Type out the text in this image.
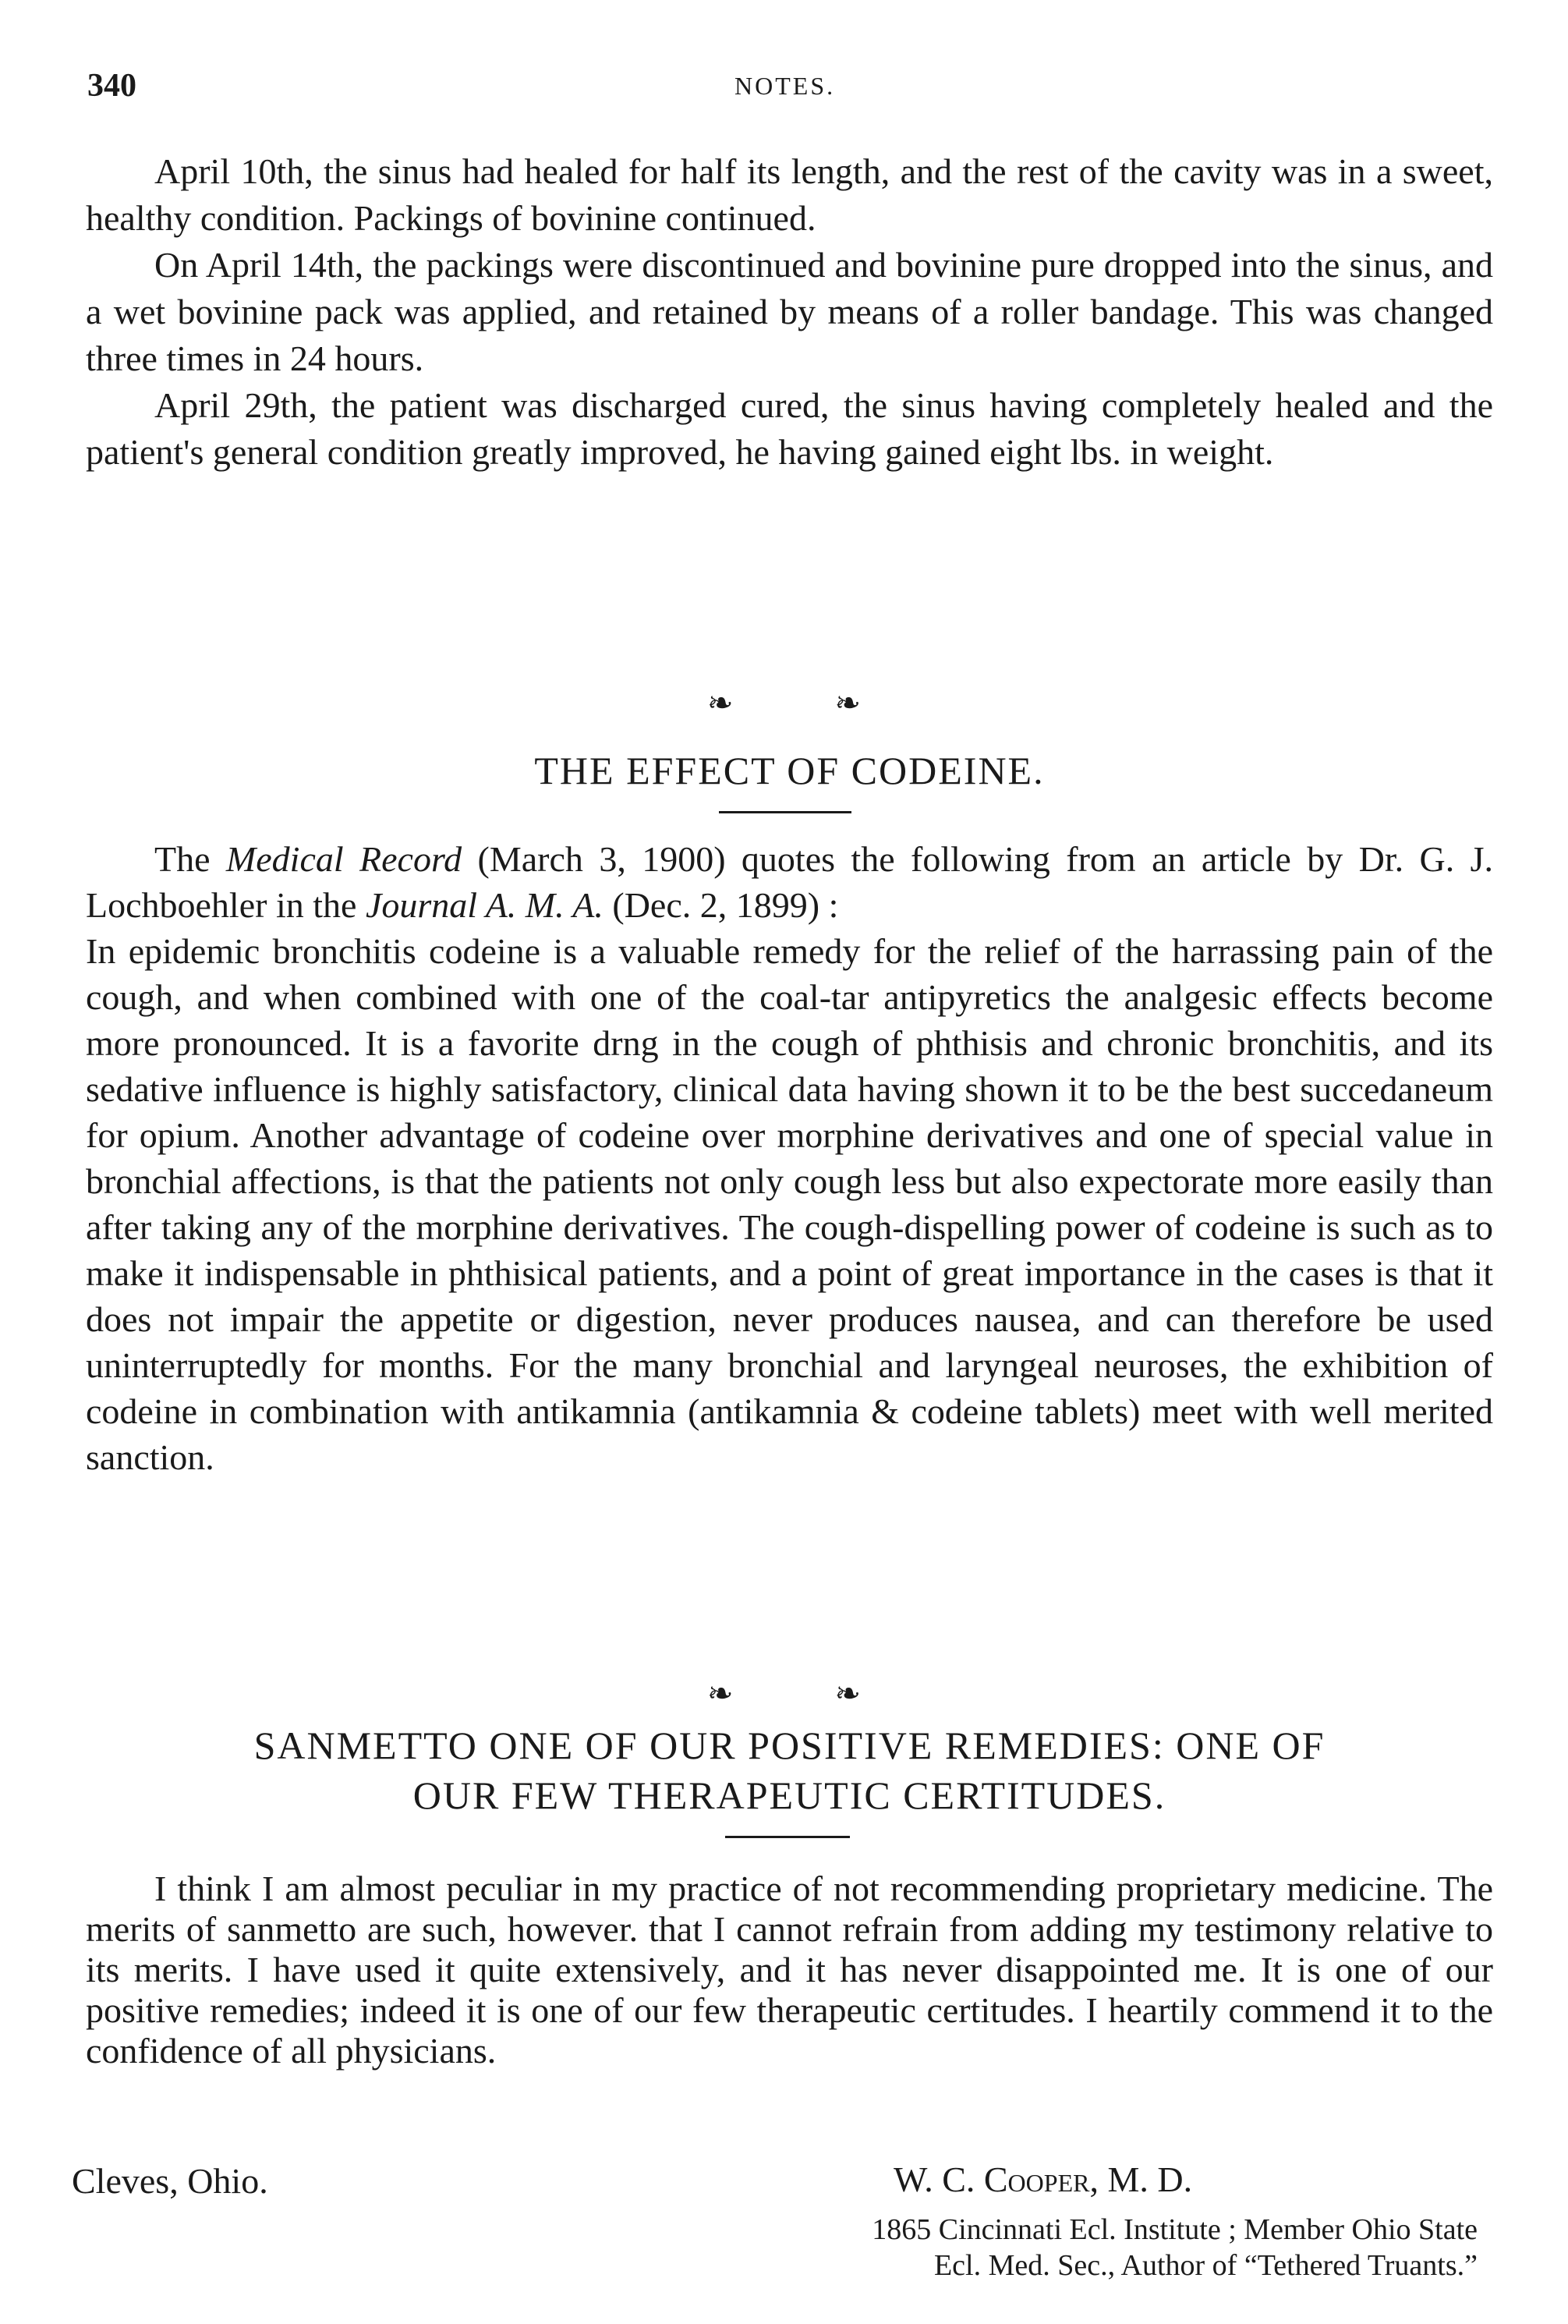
340	NOTES.

April 10th, the sinus had healed for half its length, and the rest of the cavity was in a sweet, healthy condition. Packings of bovinine continued.

On April 14th, the packings were discontinued and bovinine pure dropped into the sinus, and a wet bovinine pack was applied, and retained by means of a roller bandage. This was changed three times in 24 hours.

April 29th, the patient was discharged cured, the sinus having completely healed and the patient's general condition greatly improved, he having gained eight lbs. in weight.

❧ ❧
THE EFFECT OF CODEINE.

The Medical Record (March 3, 1900) quotes the following from an article by Dr. G. J. Lochboehler in the Journal A. M. A. (Dec. 2, 1899) :

In epidemic bronchitis codeine is a valuable remedy for the relief of the harrassing pain of the cough, and when combined with one of the coal-tar antipyretics the analgesic effects become more pronounced. It is a favorite drng in the cough of phthisis and chronic bronchitis, and its sedative influence is highly satisfactory, clinical data having shown it to be the best succedaneum for opium. Another advantage of codeine over morphine derivatives and one of special value in bronchial affections, is that the patients not only cough less but also expectorate more easily than after taking any of the morphine derivatives. The cough-dispelling power of codeine is such as to make it indispensable in phthisical patients, and a point of great importance in the cases is that it does not impair the appetite or digestion, never produces nausea, and can therefore be used uninterruptedly for months. For the many bronchial and laryngeal neuroses, the exhibition of codeine in combination with antikamnia (antikamnia & codeine tablets) meet with well merited sanction.

❧ ❧
SANMETTO ONE OF OUR POSITIVE REMEDIES: ONE OF
OUR FEW THERAPEUTIC CERTITUDES.

I think I am almost peculiar in my practice of not recommending proprietary medicine. The merits of sanmetto are such, however. that I cannot refrain from adding my testimony relative to its merits. I have used it quite extensively, and it has never disappointed me. It is one of our positive remedies; indeed it is one of our few therapeutic certitudes. I heartily commend it to the confidence of all physicians.

Cleves, Ohio.	W. C. Cooper, M. D.
1865 Cincinnati Ecl. Institute ; Member Ohio State
Ecl. Med. Sec., Author of “Tethered Truants.”
